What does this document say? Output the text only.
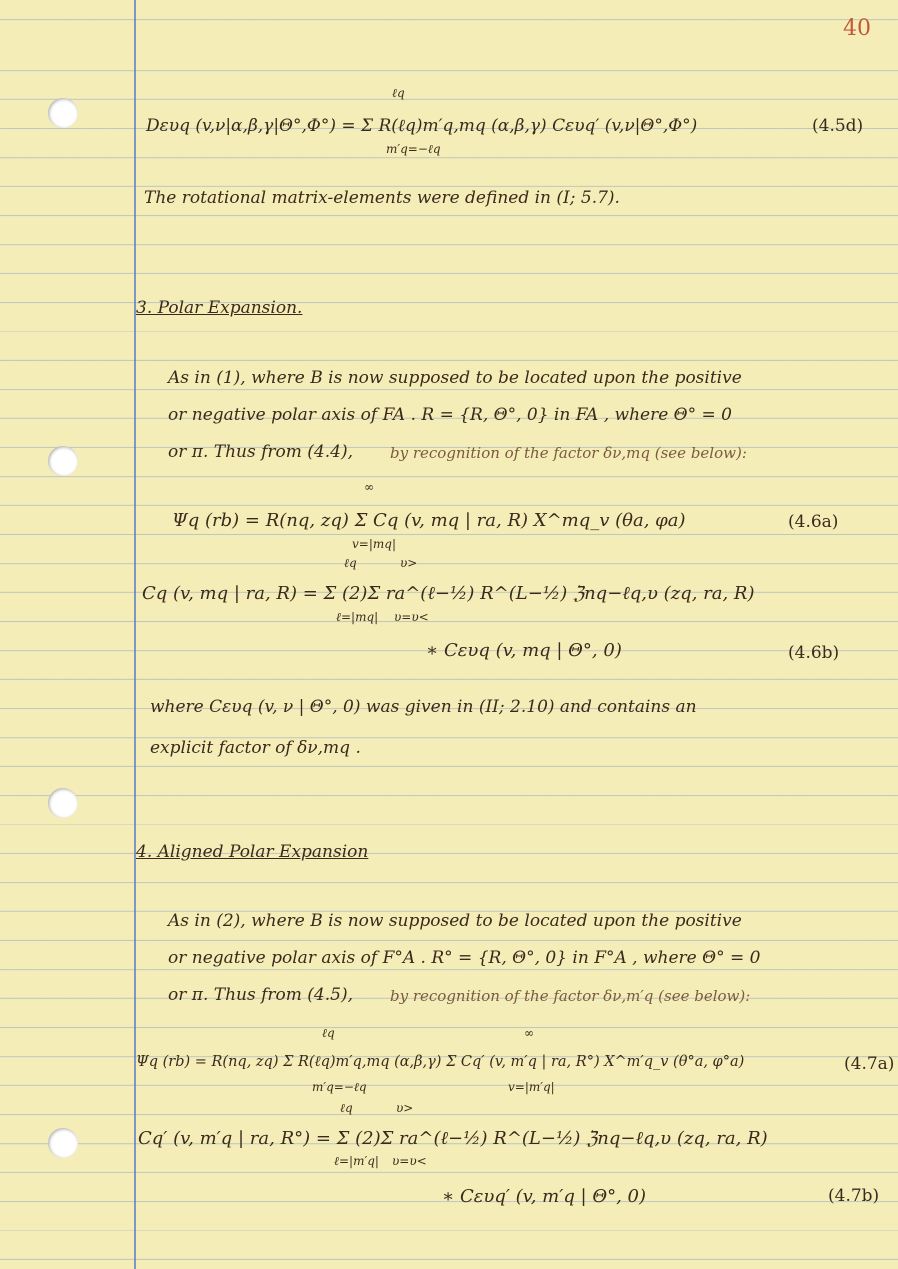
40
ℓq
Dευq (v,ν|α,β,γ|Θ°,Φ°) = Σ R(ℓq)m′q,mq (α,β,γ) Cευq′ (v,ν|Θ°,Φ°)
m′q=−ℓq
(4.5d)
The rotational matrix-elements were defined in (I; 5.7).
3. Polar Expansion.
As in (1), where B is now supposed to be located upon the positive
or negative polar axis of FA . R = {R, Θ°, 0} in FA , where Θ° = 0
or π. Thus from (4.4), by recognition of the factor δν,mq (see below):
∞
Ψq (rb) = R(nq, zq) Σ Cq (v, mq | ra, R) X^mq_v (θa, φa)
v=|mq|
(4.6a)
ℓq	υ>
Cq (v, mq | ra, R) = Σ (2)Σ ra^(ℓ−½) R^(L−½) ℨnq−ℓq,υ (zq, ra, R)
ℓ=|mq| υ=υ<
∗ Cευq (v, mq | Θ°, 0)	(4.6b)
where Cευq (v, ν | Θ°, 0) was given in (II; 2.10) and contains an
explicit factor of δν,mq .
4. Aligned Polar Expansion
As in (2), where B is now supposed to be located upon the positive
or negative polar axis of F°A . R° = {R, Θ°, 0} in F°A , where Θ° = 0
or π. Thus from (4.5), by recognition of the factor δν,m′q (see below):
ℓq	∞
Ψq (rb) = R(nq, zq) Σ R(ℓq)m′q,mq (α,β,γ) Σ Cq′ (v, m′q | ra, R°) X^m′q_v (θ°a, φ°a)
m′q=−ℓq	v=|m′q|
(4.7a)
ℓq	υ>
Cq′ (v, m′q | ra, R°) = Σ (2)Σ ra^(ℓ−½) R^(L−½) ℨnq−ℓq,υ (zq, ra, R)
ℓ=|m′q| υ=υ<
∗ Cευq′ (v, m′q | Θ°, 0)	(4.7b)
